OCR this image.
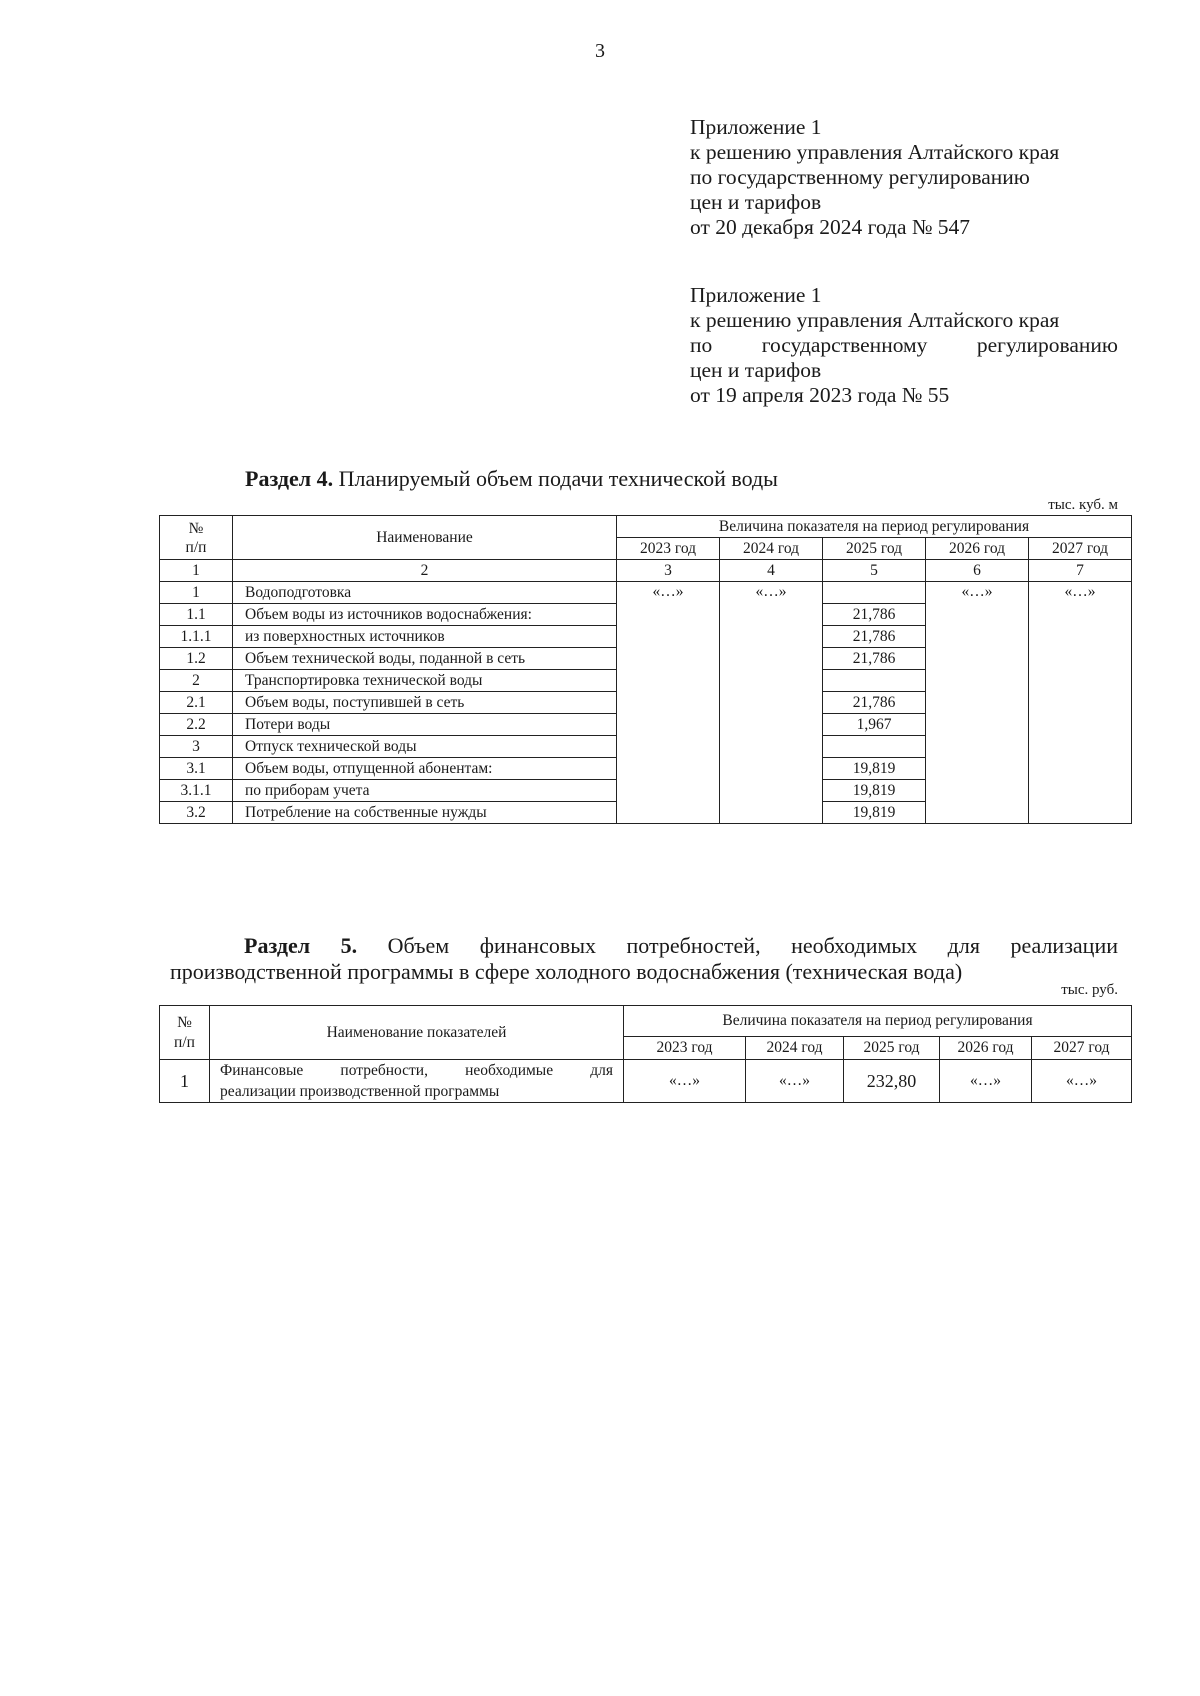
3
Приложение 1
к решению управления Алтайского края
по государственному регулированию
цен и тарифов
от 20 декабря 2024 года № 547
Приложение 1
к решению управления Алтайского края
по государственному регулированию
цен и тарифов
от 19 апреля 2023 года № 55
Раздел 4. Планируемый объем подачи технической воды
тыс. куб. м
№
п/п	Наименование	Величина показателя на период регулирования				
		2023 год	2024 год	2025 год	2026 год	2027 год
1	2	3	4	5	6	7
1	Водоподготовка	«…»	«…»		«…»	«…»
1.1	Объем воды из источников водоснабжения:			21,786		
1.1.1	из поверхностных источников			21,786		
1.2	Объем технической воды, поданной в сеть			21,786		
2	Транспортировка технической воды					
2.1	Объем воды, поступившей в сеть			21,786		
2.2	Потери воды			1,967		
3	Отпуск технической воды					
3.1	Объем воды, отпущенной абонентам:			19,819		
3.1.1	по приборам учета			19,819		
3.2	Потребление на собственные нужды			19,819		
Раздел 5. Объем финансовых потребностей, необходимых для реализации
производственной программы в сфере холодного водоснабжения (техническая вода)
тыс. руб.
№
п/п	Наименование показателей	Величина показателя на период регулирования				
		2023 год	2024 год	2025 год	2026 год	2027 год
1	Финансовые потребности, необходимые для
реализации производственной программы	«…»	«…»	232,80	«…»	«…»
